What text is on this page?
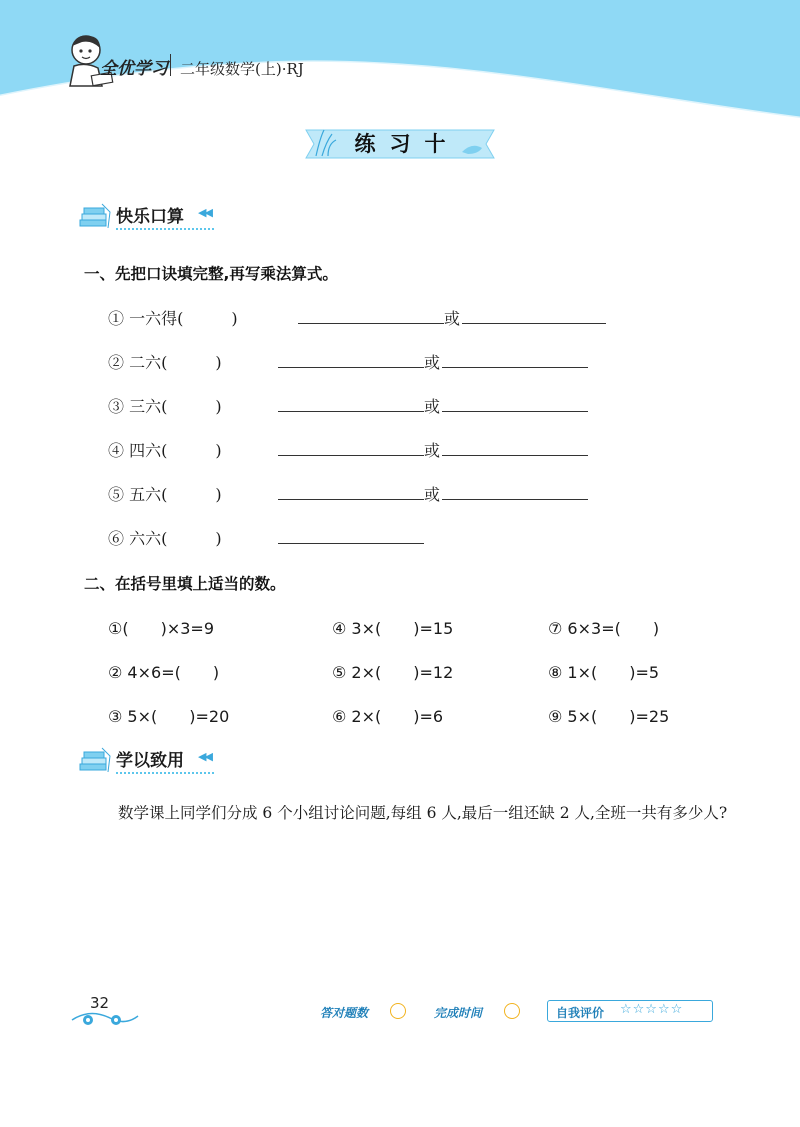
全优学习 二年级数学(上)·RJ
练习十
快乐口算 ◀◀
一、先把口诀填完整,再写乘法算式。
① 一六得(　　　)	或
② 二六(　　　)	或
③ 三六(　　　)	或
④ 四六(　　　)	或
⑤ 五六(　　　)	或
⑥ 六六(　　　)
二、在括号里填上适当的数。
①(　　)×3=9	④ 3×(　　)=15	⑦ 6×3=(　　)
② 4×6=(　　)	⑤ 2×(　　)=12	⑧ 1×(　　)=5
③ 5×(　　)=20	⑥ 2×(　　)=6	⑨ 5×(　　)=25
学以致用 ◀◀
数学课上同学们分成 6 个小组讨论问题,每组 6 人,最后一组还缺 2 人,全班一共有多少人?
32
答对题数	完成时间	自我评价 ☆☆☆☆☆
